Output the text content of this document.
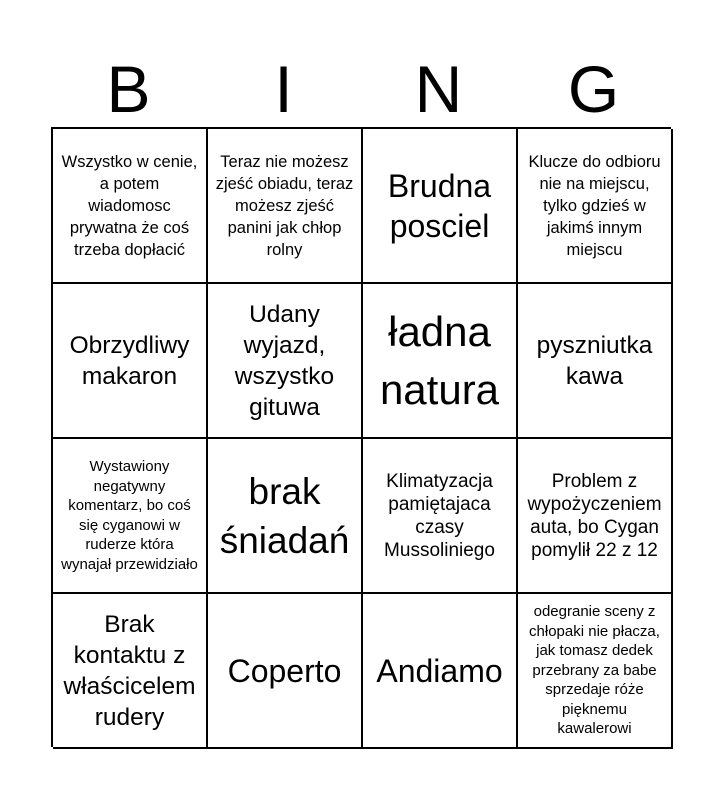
B	I	N	G
Wszystko w cenie, a potem wiadomosc prywatna że coś trzeba dopłacić
Teraz nie możesz zjeść obiadu, teraz możesz zjeść panini jak chłop rolny
Brudna posciel
Klucze do odbioru nie na miejscu, tylko gdzieś w jakimś innym miejscu
Obrzydliwy makaron
Udany wyjazd, wszystko gituwa
ładna natura
pyszniutka kawa
Wystawiony negatywny komentarz, bo coś się cyganowi w ruderze która wynajał przewidziało
brak śniadań
Klimatyzacja pamiętajaca czasy Mussoliniego
Problem z wypożyczeniem auta, bo Cygan pomylił 22 z 12
Brak kontaktu z właścicelem rudery
Coperto	Andiamo
odegranie sceny z chłopaki nie płacza, jak tomasz dedek przebrany za babe sprzedaje róże pięknemu kawalerowi
